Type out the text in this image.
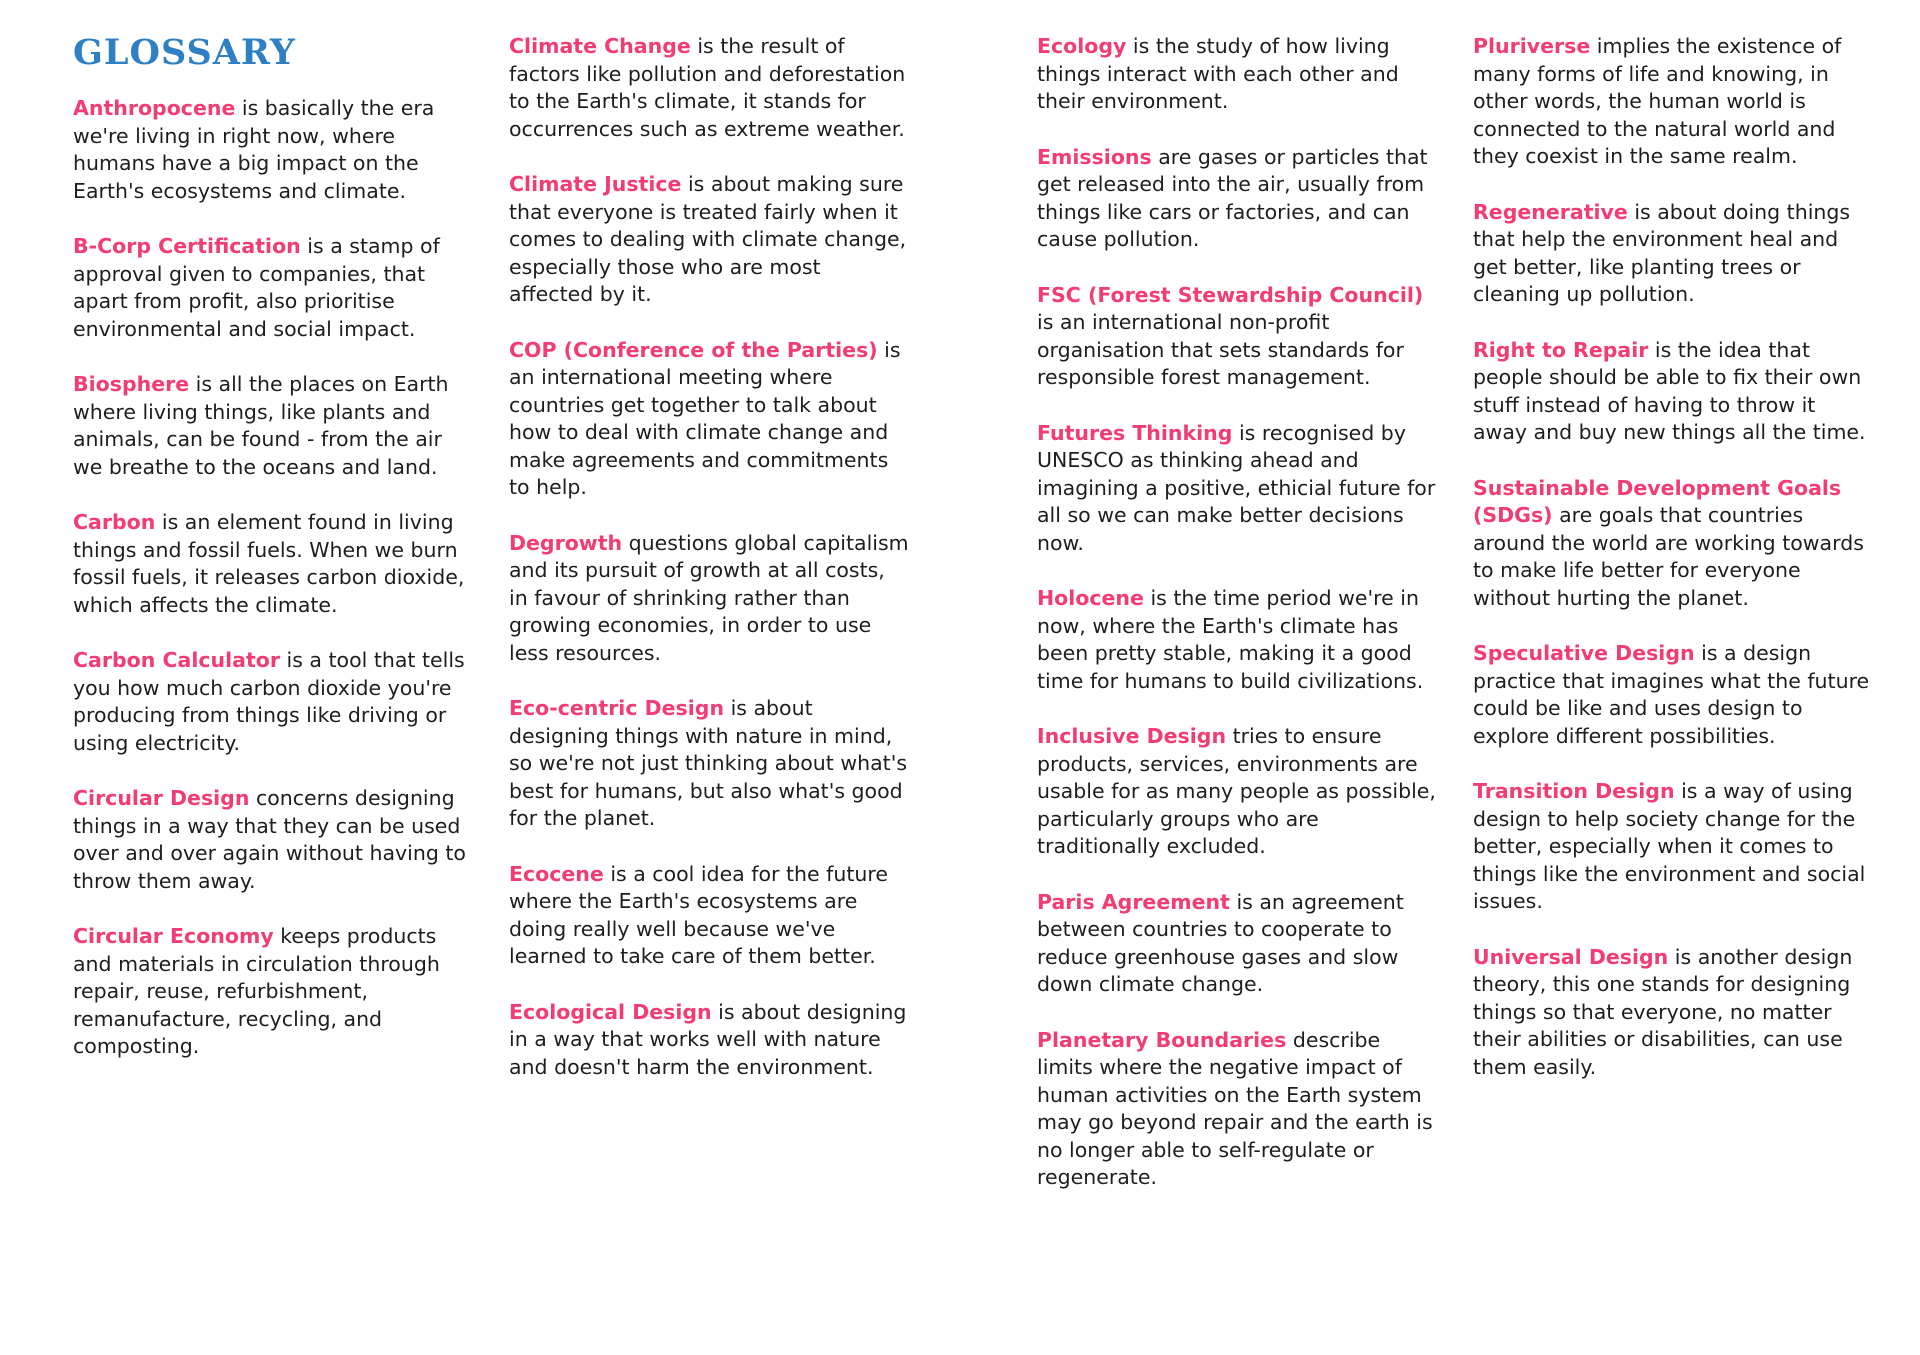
GLOSSARY

Anthropocene is basically the era we're living in right now, where humans have a big impact on the Earth's ecosystems and climate.

B-Corp Certification is a stamp of approval given to companies, that apart from profit, also prioritise environmental and social impact.

Biosphere is all the places on Earth where living things, like plants and animals, can be found - from the air we breathe to the oceans and land.

Carbon is an element found in living things and fossil fuels. When we burn fossil fuels, it releases carbon dioxide, which affects the climate.

Carbon Calculator is a tool that tells you how much carbon dioxide you're producing from things like driving or using electricity.

Circular Design concerns designing things in a way that they can be used over and over again without having to throw them away.

Circular Economy keeps products and materials in circulation through repair, reuse, refurbishment, remanufacture, recycling, and composting.

Climate Change is the result of factors like pollution and deforestation to the Earth's climate, it stands for occurrences such as extreme weather.

Climate Justice is about making sure that everyone is treated fairly when it comes to dealing with climate change, especially those who are most affected by it.

COP (Conference of the Parties) is an international meeting where countries get together to talk about how to deal with climate change and make agreements and commitments to help.

Degrowth questions global capitalism and its pursuit of growth at all costs, in favour of shrinking rather than growing economies, in order to use less resources.

Eco-centric Design is about designing things with nature in mind, so we're not just thinking about what's best for humans, but also what's good for the planet.

Ecocene is a cool idea for the future where the Earth's ecosystems are doing really well because we've learned to take care of them better.

Ecological Design is about designing in a way that works well with nature and doesn't harm the environment.

Ecology is the study of how living things interact with each other and their environment.

Emissions are gases or particles that get released into the air, usually from things like cars or factories, and can cause pollution.

FSC (Forest Stewardship Council) is an international non-profit organisation that sets standards for responsible forest management.

Futures Thinking is recognised by UNESCO as thinking ahead and imagining a positive, ethicial future for all so we can make better decisions now.

Holocene is the time period we're in now, where the Earth's climate has been pretty stable, making it a good time for humans to build civilizations.

Inclusive Design tries to ensure products, services, environments are usable for as many people as possible, particularly groups who are traditionally excluded.

Paris Agreement is an agreement between countries to cooperate to reduce greenhouse gases and slow down climate change.

Planetary Boundaries describe limits where the negative impact of human activities on the Earth system may go beyond repair and the earth is no longer able to self-regulate or regenerate.

Pluriverse implies the existence of many forms of life and knowing, in other words, the human world is connected to the natural world and they coexist in the same realm.

Regenerative is about doing things that help the environment heal and get better, like planting trees or cleaning up pollution.

Right to Repair is the idea that people should be able to fix their own stuff instead of having to throw it away and buy new things all the time.

Sustainable Development Goals (SDGs) are goals that countries around the world are working towards to make life better for everyone without hurting the planet.

Speculative Design is a design practice that imagines what the future could be like and uses design to explore different possibilities.

Transition Design is a way of using design to help society change for the better, especially when it comes to things like the environment and social issues.

Universal Design is another design theory, this one stands for designing things so that everyone, no matter their abilities or disabilities, can use them easily.
